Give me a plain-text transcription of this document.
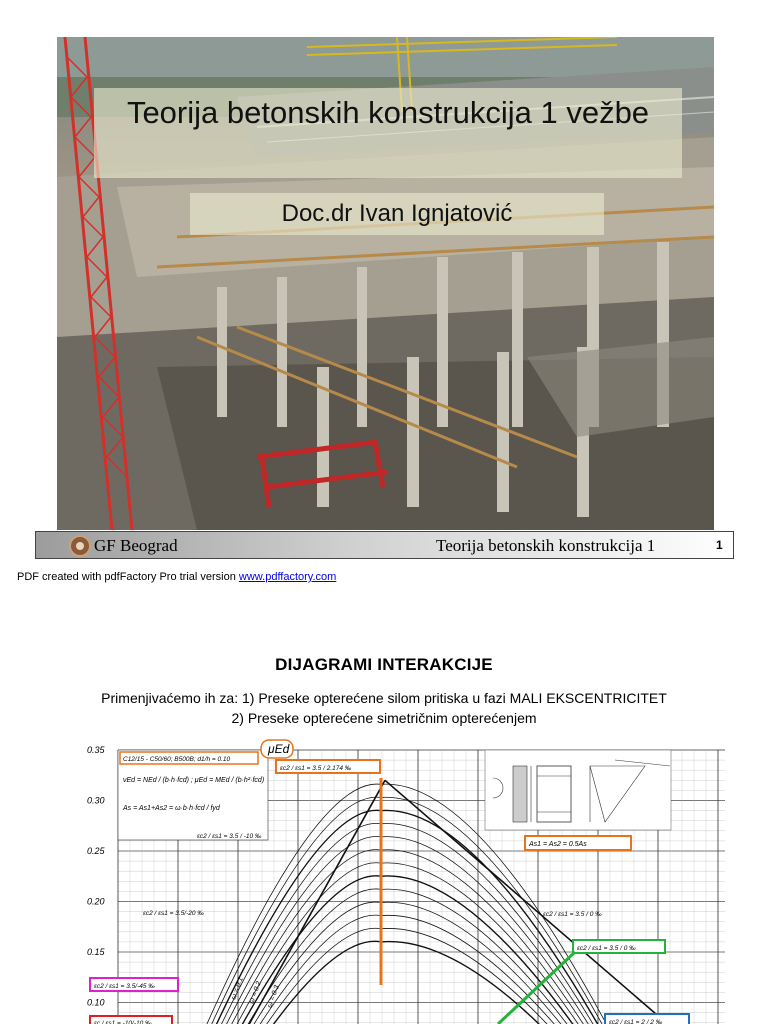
Teorija betonskih konstrukcija 1 vežbe
Doc.dr Ivan Ignjatović
GF Beograd	Teorija betonskih konstrukcija 1	1
PDF created with pdfFactory Pro trial version www.pdffactory.com
DIJAGRAMI INTERAKCIJE
Primenjivaćemo ih za: 1) Preseke opterećene silom pritiska u fazi MALI EKSCENTRICITET
2) Preseke opterećene simetričnim opterećenjem
0.35
0.30
0.25
0.20
0.15
0.10
C12/15 - C50/60; B500B; d1/h = 0.10
νEd = NEd / (b·h·fcd) ; μEd = MEd / (b·h²·fcd)
As = As1+As2 = ω·b·h·fcd / fyd
μEd
εc2 / εs1 = 3.5 / 2.174 ‰
εc2 / εs1 = 3.5 / -10 ‰
εc2 / εs1 = 3.5/-20 ‰	εc2 / εs1 = 3.5 / 0 ‰
εc2 / εs1 = 3.5 / 0 ‰
εc2 / εs1 = 3.5/-45 ‰
εc / εs1 = -10/-10 ‰	εc2 / εs1 = 2 / 2 ‰
As1 = As2 = 0.5As
ω = 0.1 ω = 0.2 ω = 0.3
